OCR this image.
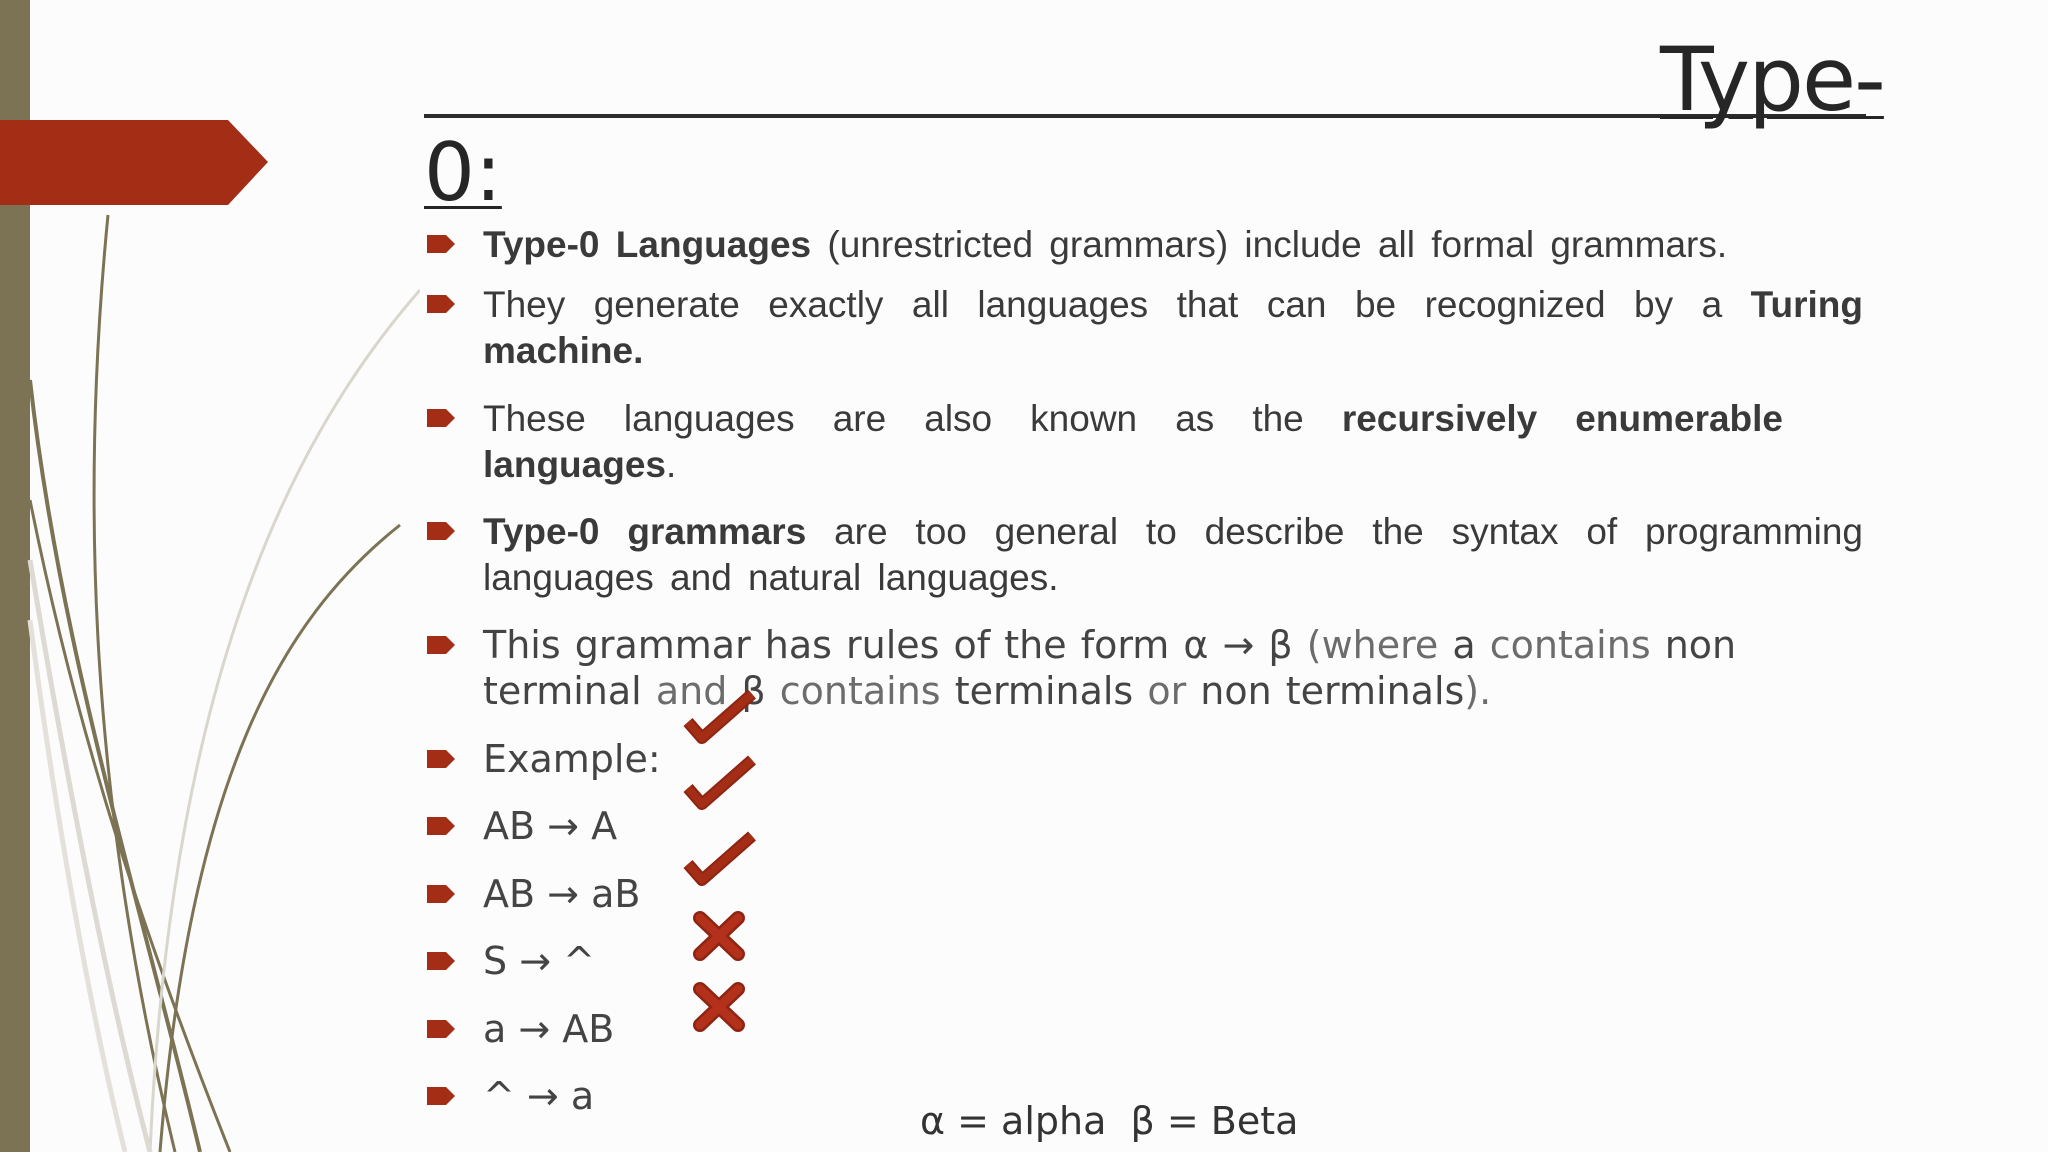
Type-
0:
Type-0 Languages (unrestricted grammars) include all formal grammars.
They generate exactly all languages that can be recognized by a Turing machine.
These languages are also known as the recursively enumerable languages.
Type-0 grammars are too general to describe the syntax of programming languages and natural languages.
This grammar has rules of the form α → β (where a contains non terminal and β contains terminals or non terminals).
Example:
AB → A
AB → aB
S → ^
a → AB
^ → a
α = alpha  β = Beta
